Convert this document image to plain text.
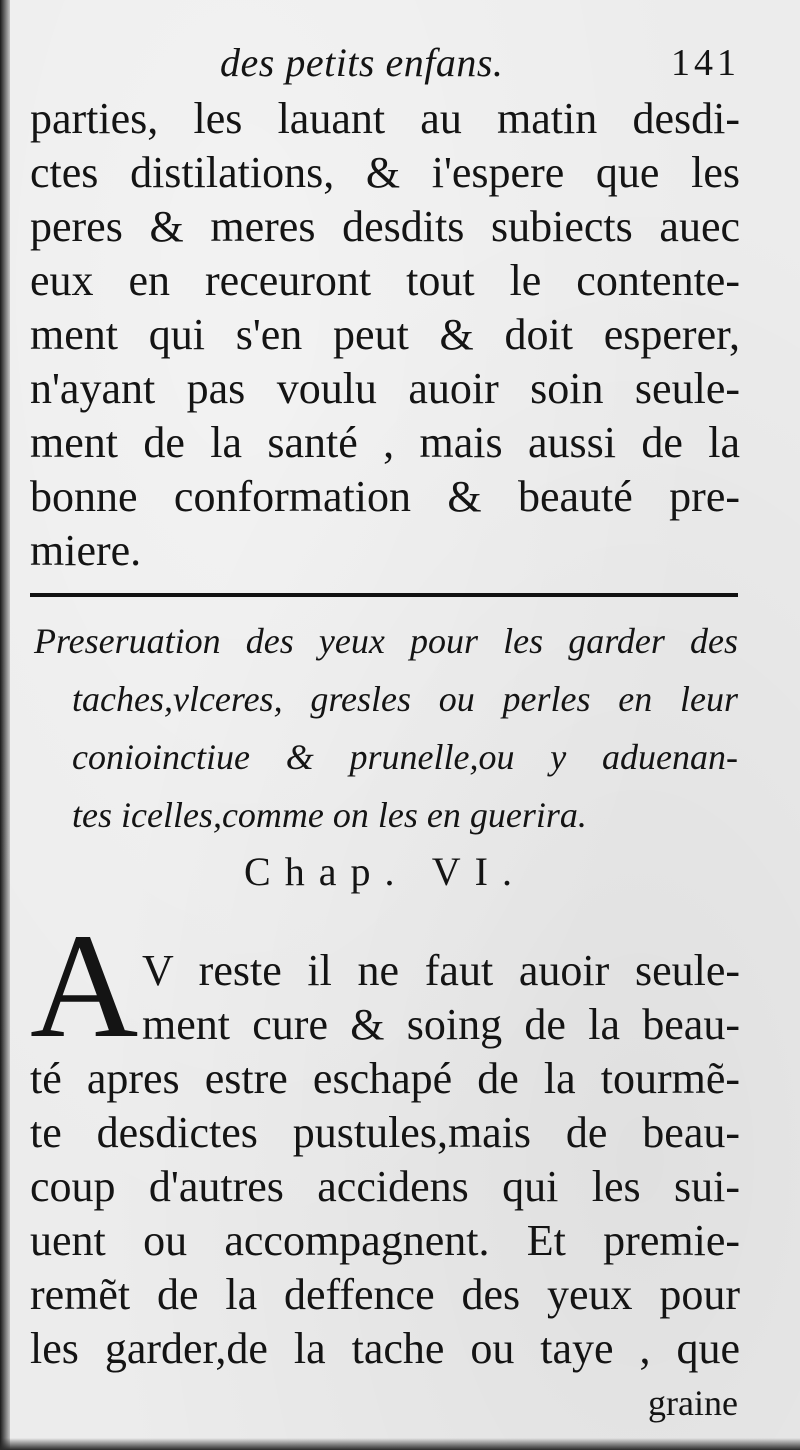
des petits enfans.	141
parties, les lauant au matin desdi-
ctes distilations, & i'espere que les
peres & meres desdits subiects auec
eux en receuront tout le contente-
ment qui s'en peut & doit esperer,
n'ayant pas voulu auoir soin seule-
ment de la santé , mais aussi de la
bonne conformation & beauté pre-
miere.
Preseruation des yeux pour les garder des
taches,vlceres, gresles ou perles en leur
conioinctiue & prunelle,ou y aduenan-
tes icelles,comme on les en guerira.
Chap. VI.
A V reste il ne faut auoir seule-
ment cure & soing de la beau-
té apres estre eschapé de la tourmẽ-
te desdictes pustules,mais de beau-
coup d'autres accidens qui les sui-
uent ou accompagnent. Et premie-
remẽt de la deffence des yeux pour
les garder,de la tache ou taye , que
graine
